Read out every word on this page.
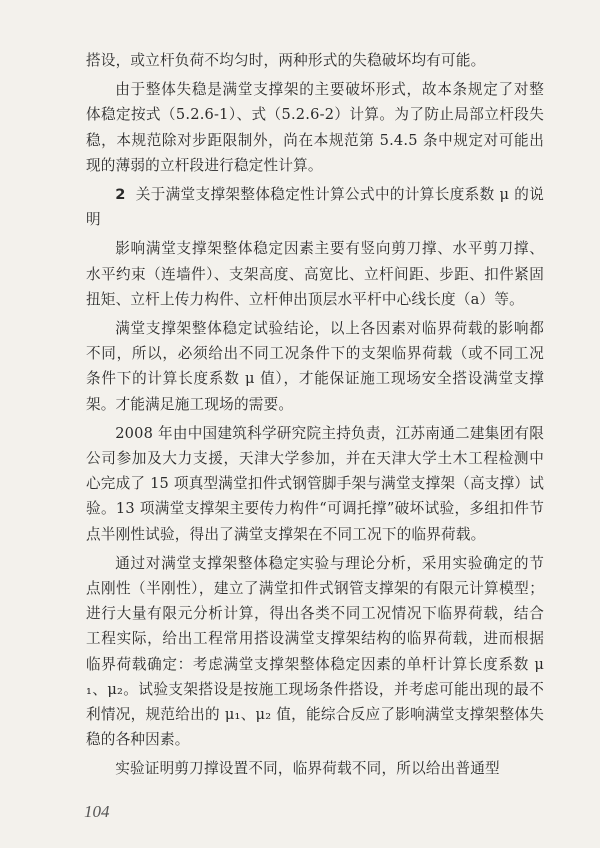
搭设，或立杆负荷不均匀时，两种形式的失稳破坏均有可能。

由于整体失稳是满堂支撑架的主要破坏形式，故本条规定了对整体稳定按式（5.2.6-1）、式（5.2.6-2）计算。为了防止局部立杆段失稳，本规范除对步距限制外，尚在本规范第 5.4.5 条中规定对可能出现的薄弱的立杆段进行稳定性计算。

2 关于满堂支撑架整体稳定性计算公式中的计算长度系数 μ 的说明

影响满堂支撑架整体稳定因素主要有竖向剪刀撑、水平剪刀撑、水平约束（连墙件）、支架高度、高宽比、立杆间距、步距、扣件紧固扭矩、立杆上传力构件、立杆伸出顶层水平杆中心线长度（a）等。

满堂支撑架整体稳定试验结论，以上各因素对临界荷载的影响都不同，所以，必须给出不同工况条件下的支架临界荷载（或不同工况条件下的计算长度系数 μ 值），才能保证施工现场安全搭设满堂支撑架。才能满足施工现场的需要。

2008 年由中国建筑科学研究院主持负责，江苏南通二建集团有限公司参加及大力支援，天津大学参加，并在天津大学土木工程检测中心完成了 15 项真型满堂扣件式钢管脚手架与满堂支撑架（高支撑）试验。13 项满堂支撑架主要传力构件“可调托撑”破坏试验，多组扣件节点半刚性试验，得出了满堂支撑架在不同工况下的临界荷载。

通过对满堂支撑架整体稳定实验与理论分析，采用实验确定的节点刚性（半刚性），建立了满堂扣件式钢管支撑架的有限元计算模型；进行大量有限元分析计算，得出各类不同工况情况下临界荷载，结合工程实际，给出工程常用搭设满堂支撑架结构的临界荷载，进而根据临界荷载确定：考虑满堂支撑架整体稳定因素的单杆计算长度系数 μ₁、μ₂。试验支架搭设是按施工现场条件搭设，并考虑可能出现的最不利情况，规范给出的 μ₁、μ₂ 值，能综合反应了影响满堂支撑架整体失稳的各种因素。

实验证明剪刀撑设置不同，临界荷载不同，所以给出普通型

104
